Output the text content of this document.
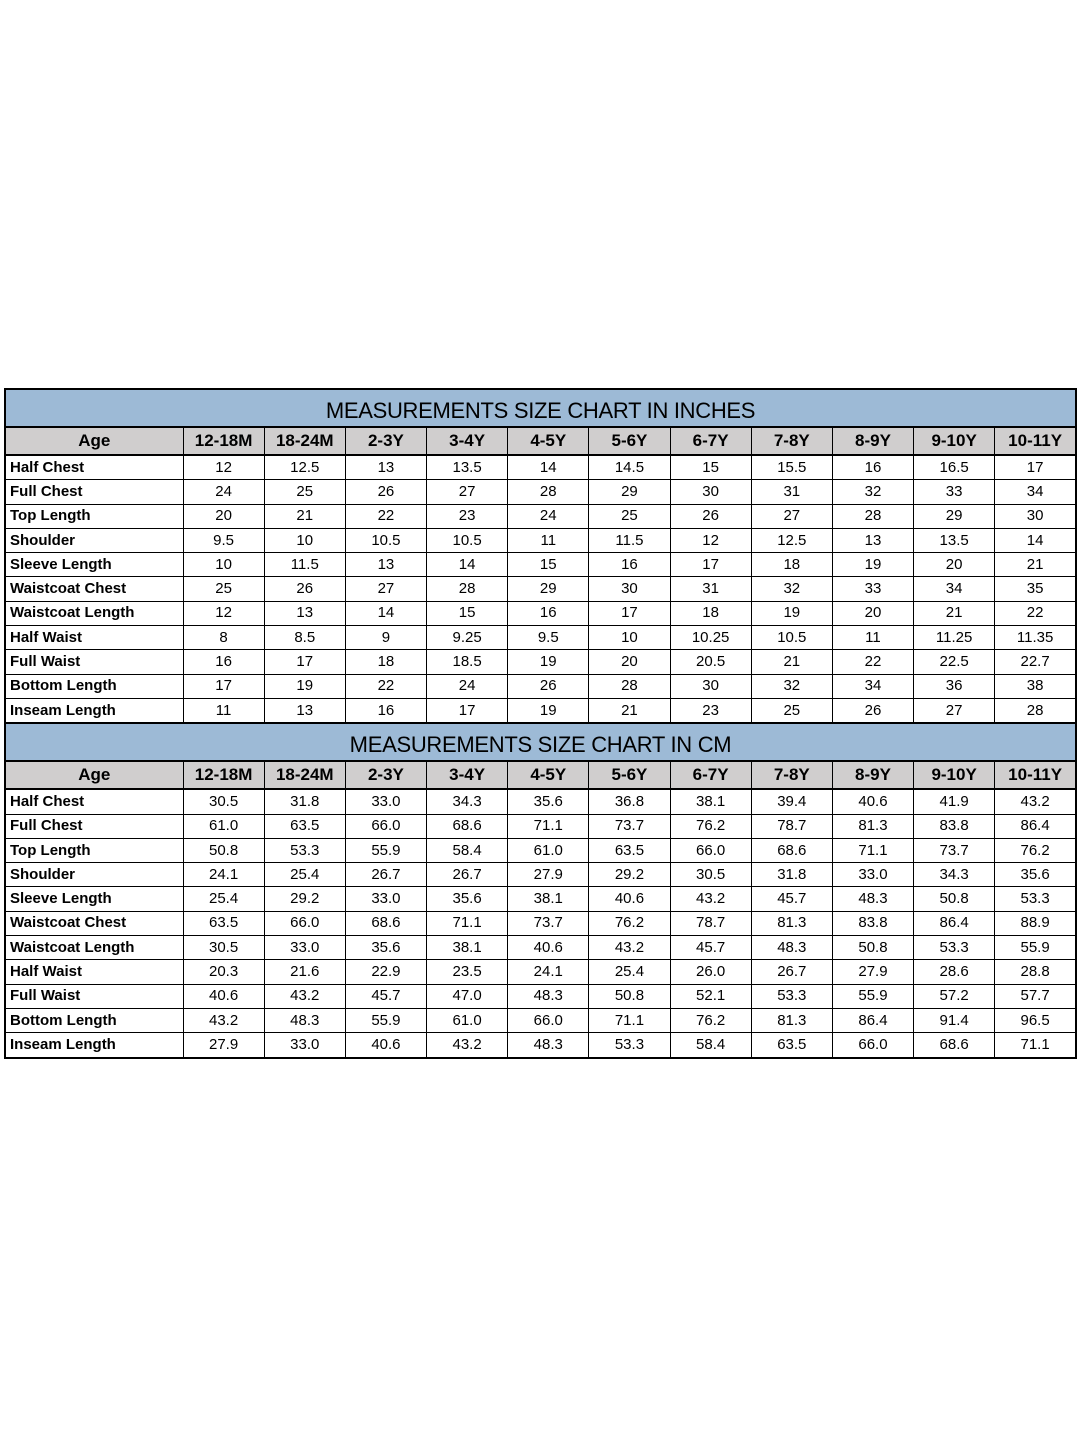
MEASUREMENTS SIZE CHART IN INCHES											
Age	12-18M	18-24M	2-3Y	3-4Y	4-5Y	5-6Y	6-7Y	7-8Y	8-9Y	9-10Y	10-11Y
Half Chest	12	12.5	13	13.5	14	14.5	15	15.5	16	16.5	17
Full Chest	24	25	26	27	28	29	30	31	32	33	34
Top Length	20	21	22	23	24	25	26	27	28	29	30
Shoulder	9.5	10	10.5	10.5	11	11.5	12	12.5	13	13.5	14
Sleeve Length	10	11.5	13	14	15	16	17	18	19	20	21
Waistcoat Chest	25	26	27	28	29	30	31	32	33	34	35
Waistcoat Length	12	13	14	15	16	17	18	19	20	21	22
Half Waist	8	8.5	9	9.25	9.5	10	10.25	10.5	11	11.25	11.35
Full Waist	16	17	18	18.5	19	20	20.5	21	22	22.5	22.7
Bottom Length	17	19	22	24	26	28	30	32	34	36	38
Inseam Length	11	13	16	17	19	21	23	25	26	27	28
MEASUREMENTS SIZE CHART IN CM											
Age	12-18M	18-24M	2-3Y	3-4Y	4-5Y	5-6Y	6-7Y	7-8Y	8-9Y	9-10Y	10-11Y
Half Chest	30.5	31.8	33.0	34.3	35.6	36.8	38.1	39.4	40.6	41.9	43.2
Full Chest	61.0	63.5	66.0	68.6	71.1	73.7	76.2	78.7	81.3	83.8	86.4
Top Length	50.8	53.3	55.9	58.4	61.0	63.5	66.0	68.6	71.1	73.7	76.2
Shoulder	24.1	25.4	26.7	26.7	27.9	29.2	30.5	31.8	33.0	34.3	35.6
Sleeve Length	25.4	29.2	33.0	35.6	38.1	40.6	43.2	45.7	48.3	50.8	53.3
Waistcoat Chest	63.5	66.0	68.6	71.1	73.7	76.2	78.7	81.3	83.8	86.4	88.9
Waistcoat Length	30.5	33.0	35.6	38.1	40.6	43.2	45.7	48.3	50.8	53.3	55.9
Half Waist	20.3	21.6	22.9	23.5	24.1	25.4	26.0	26.7	27.9	28.6	28.8
Full Waist	40.6	43.2	45.7	47.0	48.3	50.8	52.1	53.3	55.9	57.2	57.7
Bottom Length	43.2	48.3	55.9	61.0	66.0	71.1	76.2	81.3	86.4	91.4	96.5
Inseam Length	27.9	33.0	40.6	43.2	48.3	53.3	58.4	63.5	66.0	68.6	71.1
